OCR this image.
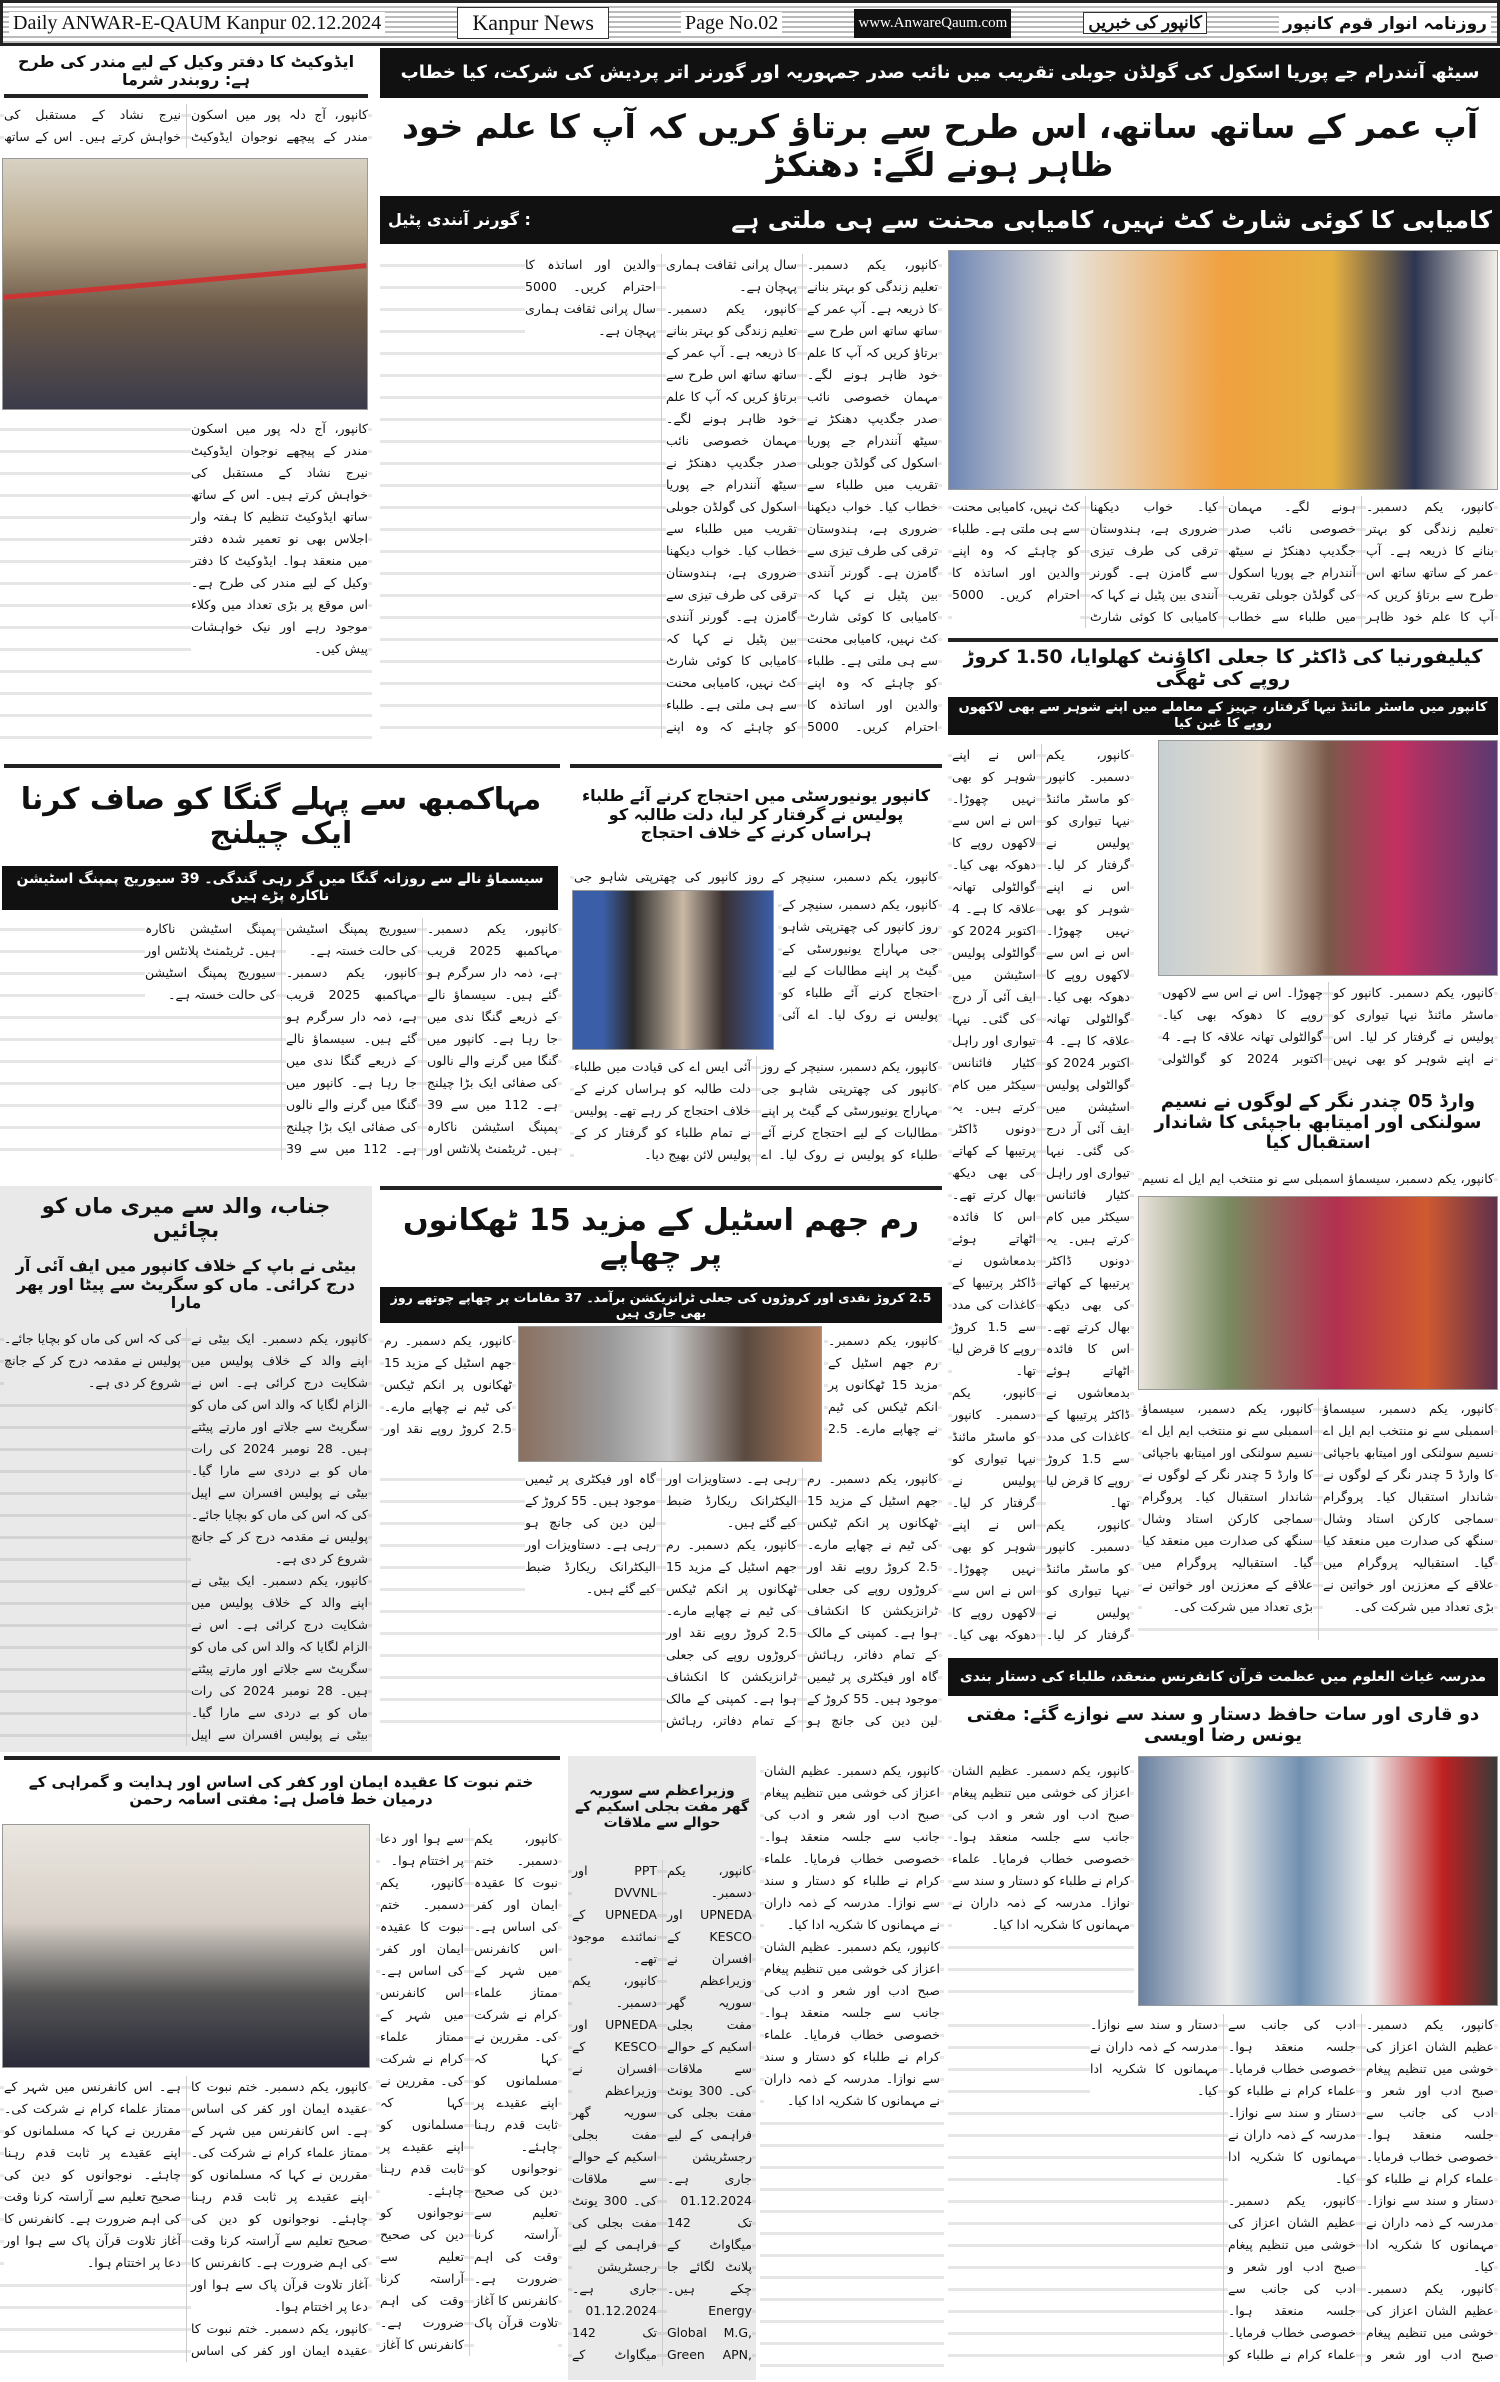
Daily ANWAR-E-QAUM Kanpur 02.12.2024	Kanpur News	Page No.02	www.AnwareQaum.com	کانپور کی خبریں	روزنامہ انوار قوم کانپور
ایڈوکیٹ کا دفتر وکیل کے لیے مندر کی طرح ہے: روبندر شرما

کانپور، آج دلہ پور میں اسکون مندر کے پیچھے نوجوان ایڈوکیٹ نیرج نشاد کے مستقبل کی خواہش کرتے ہیں۔ اس کے ساتھ

کانپور، آج دلہ پور میں اسکون مندر کے پیچھے نوجوان ایڈوکیٹ نیرج نشاد کے مستقبل کی خواہش کرتے ہیں۔ اس کے ساتھ ساتھ ایڈوکیٹ تنظیم کا ہفتہ وار اجلاس بھی نو تعمیر شدہ دفتر میں منعقد ہوا۔ ایڈوکیٹ کا دفتر وکیل کے لیے مندر کی طرح ہے۔ اس موقع پر بڑی تعداد میں وکلاء موجود رہے اور نیک خواہشات پیش کیں۔

سیٹھ آنندرام جے پوریا اسکول کی گولڈن جوبلی تقریب میں نائب صدر جمہوریہ اور گورنر اتر پردیش کی شرکت، کیا خطاب
آپ عمر کے ساتھ ساتھ، اس طرح سے برتاؤ کریں کہ آپ کا علم خود ظاہر ہونے لگے: دھنکڑ
کامیابی کا کوئی شارٹ کٹ نہیں، کامیابی محنت سے ہی ملتی ہے
: گورنر آنندی پٹیل

کانپور، یکم دسمبر۔ تعلیم زندگی کو بہتر بنانے کا ذریعہ ہے۔ آپ عمر کے ساتھ ساتھ اس طرح سے برتاؤ کریں کہ آپ کا علم خود ظاہر ہونے لگے۔ مہمان خصوصی نائب صدر جگدیپ دھنکڑ نے سیٹھ آنندرام جے پوریا اسکول کی گولڈن جوبلی تقریب میں طلباء سے خطاب کیا۔ خواب دیکھنا ضروری ہے، ہندوستان ترقی کی طرف تیزی سے گامزن ہے۔ گورنر آنندی بین پٹیل نے کہا کہ کامیابی کا کوئی شارٹ کٹ نہیں، کامیابی محنت سے ہی ملتی ہے۔ طلباء کو چاہئے کہ وہ اپنے والدین اور اساتذہ کا احترام کریں۔ 5000 سال پرانی ثقافت ہماری پہچان ہے۔

کانپور، یکم دسمبر۔ تعلیم زندگی کو بہتر بنانے کا ذریعہ ہے۔ آپ عمر کے ساتھ ساتھ اس طرح سے برتاؤ کریں کہ آپ کا علم خود ظاہر ہونے لگے۔ مہمان خصوصی نائب صدر جگدیپ دھنکڑ نے سیٹھ آنندرام جے پوریا اسکول کی گولڈن جوبلی تقریب میں طلباء سے خطاب کیا۔ خواب دیکھنا ضروری ہے، ہندوستان ترقی کی طرف تیزی سے گامزن ہے۔ گورنر آنندی بین پٹیل نے کہا کہ کامیابی کا کوئی شارٹ کٹ نہیں، کامیابی محنت سے ہی ملتی ہے۔ طلباء کو چاہئے کہ وہ اپنے والدین اور اساتذہ کا احترام کریں۔ 5000 سال پرانی ثقافت ہماری پہچان ہے۔

کانپور، یکم دسمبر۔ تعلیم زندگی کو بہتر بنانے کا ذریعہ ہے۔ آپ عمر کے ساتھ ساتھ اس طرح سے برتاؤ کریں کہ آپ کا علم خود ظاہر ہونے لگے۔ مہمان خصوصی نائب صدر جگدیپ دھنکڑ نے سیٹھ آنندرام جے پوریا اسکول کی گولڈن جوبلی تقریب میں طلباء سے خطاب کیا۔ خواب دیکھنا ضروری ہے، ہندوستان ترقی کی طرف تیزی سے گامزن ہے۔ گورنر آنندی بین پٹیل نے کہا کہ کامیابی کا کوئی شارٹ کٹ نہیں، کامیابی محنت سے ہی ملتی ہے۔ طلباء کو چاہئے کہ وہ اپنے والدین اور اساتذہ کا احترام کریں۔ 5000

کیلیفورنیا کی ڈاکٹر کا جعلی اکاؤنٹ کھلوایا، 1.50 کروڑ روپے کی ٹھگی
کانپور میں ماسٹر مائنڈ نیہا گرفتار، جہیز کے معاملے میں اپنے شوہر سے بھی لاکھوں روپے کا غبن کیا

کانپور، یکم دسمبر۔ کانپور کو ماسٹر مائنڈ نیہا تیواری کو پولیس نے گرفتار کر لیا۔ اس نے اپنے شوہر کو بھی نہیں چھوڑا۔ اس نے اس سے لاکھوں روپے کا دھوکہ بھی کیا۔ گوالٹولی تھانہ علاقہ کا ہے۔ 4 اکتوبر 2024 کو گوالٹولی

کانپور، یکم دسمبر۔ کانپور کو ماسٹر مائنڈ نیہا تیواری کو پولیس نے گرفتار کر لیا۔ اس نے اپنے شوہر کو بھی نہیں چھوڑا۔ اس نے اس سے لاکھوں روپے کا دھوکہ بھی کیا۔ گوالٹولی تھانہ علاقہ کا ہے۔ 4 اکتوبر 2024 کو گوالٹولی پولیس اسٹیشن میں ایف آئی آر درج کی گئی۔ نیہا تیواری اور راہل کٹیار فائنانس سیکٹر میں کام کرتے ہیں۔ یہ دونوں ڈاکٹر پرتیبھا کے کھاتے کی بھی دیکھ بھال کرتے تھے۔ اس کا فائدہ اٹھاتے ہوئے بدمعاشوں نے ڈاکٹر پرتیبھا کے کاغذات کی مدد سے 1.5 کروڑ روپے کا قرض لیا تھا۔

کانپور، یکم دسمبر۔ کانپور کو ماسٹر مائنڈ نیہا تیواری کو پولیس نے گرفتار کر لیا۔ اس نے اپنے شوہر کو بھی نہیں چھوڑا۔ اس نے اس سے لاکھوں روپے کا دھوکہ بھی کیا۔ گوالٹولی تھانہ علاقہ کا ہے۔ 4 اکتوبر 2024 کو گوالٹولی پولیس اسٹیشن میں ایف آئی آر درج کی گئی۔ نیہا تیواری اور راہل کٹیار فائنانس سیکٹر میں کام کرتے ہیں۔ یہ دونوں ڈاکٹر پرتیبھا کے کھاتے کی بھی دیکھ بھال کرتے تھے۔ اس کا فائدہ اٹھاتے ہوئے بدمعاشوں نے ڈاکٹر پرتیبھا کے کاغذات کی مدد سے 1.5 کروڑ روپے کا قرض لیا تھا۔

کانپور، یکم دسمبر۔ کانپور کو ماسٹر مائنڈ نیہا تیواری کو پولیس نے گرفتار کر لیا۔ اس نے اپنے شوہر کو بھی نہیں چھوڑا۔ اس نے اس سے لاکھوں روپے کا دھوکہ بھی کیا۔

وارڈ 05 چندر نگر کے لوگوں نے نسیم سولنکی اور امیتابھ باجپئی کا شاندار استقبال کیا

کانپور، یکم دسمبر، سیسماؤ اسمبلی سے نو منتخب ایم ایل اے نسیم

کانپور، یکم دسمبر، سیسماؤ اسمبلی سے نو منتخب ایم ایل اے نسیم سولنکی اور امیتابھ باجپائی کا وارڈ 5 چندر نگر کے لوگوں نے شاندار استقبال کیا۔ پروگرام سماجی کارکن استاد وشال سنگھ کی صدارت میں منعقد کیا گیا۔ استقبالیہ پروگرام میں علاقے کے معززین اور خواتین نے بڑی تعداد میں شرکت کی۔

کانپور، یکم دسمبر، سیسماؤ اسمبلی سے نو منتخب ایم ایل اے نسیم سولنکی اور امیتابھ باجپائی کا وارڈ 5 چندر نگر کے لوگوں نے شاندار استقبال کیا۔ پروگرام سماجی کارکن استاد وشال سنگھ کی صدارت میں منعقد کیا گیا۔ استقبالیہ پروگرام میں علاقے کے معززین اور خواتین نے بڑی تعداد میں شرکت کی۔

مدرسہ غیاث العلوم میں عظمت قرآن کانفرنس منعقد، طلباء کی دستار بندی
دو قاری اور سات حافظ دستار و سند سے نوازے گئے: مفتی یونس رضا اویسی

کانپور، یکم دسمبر۔ عظیم الشان اعزاز کی خوشی میں تنظیم پیغام صبح ادب اور شعر و ادب کی جانب سے جلسہ منعقد ہوا۔ خصوصی خطاب فرمایا۔ علماء کرام نے طلباء کو دستار و سند سے نوازا۔ مدرسہ کے ذمہ داران نے مہمانوں کا شکریہ ادا کیا۔

کانپور، یکم دسمبر۔ عظیم الشان اعزاز کی خوشی میں تنظیم پیغام صبح ادب اور شعر و ادب کی جانب سے جلسہ منعقد ہوا۔ خصوصی خطاب فرمایا۔ علماء کرام نے طلباء کو دستار و سند سے نوازا۔ مدرسہ کے ذمہ داران نے مہمانوں کا شکریہ ادا کیا۔

کانپور، یکم دسمبر۔ عظیم الشان اعزاز کی خوشی میں تنظیم پیغام صبح ادب اور شعر و ادب کی جانب سے جلسہ منعقد ہوا۔ خصوصی خطاب فرمایا۔ علماء کرام نے طلباء کو دستار و سند سے نوازا۔ مدرسہ کے ذمہ داران نے مہمانوں کا شکریہ ادا کیا۔

کانپور، یکم دسمبر۔ عظیم الشان اعزاز کی خوشی میں تنظیم پیغام صبح ادب اور شعر و ادب کی جانب سے جلسہ منعقد ہوا۔ خصوصی خطاب فرمایا۔ علماء کرام نے طلباء کو دستار و سند سے نوازا۔ مدرسہ کے ذمہ داران نے مہمانوں کا شکریہ ادا کیا۔

مہاکمبھ سے پہلے گنگا کو صاف کرنا ایک چیلنج
سیسماؤ نالے سے روزانہ گنگا میں گر رہی گندگی۔ 39 سیوریج پمپنگ اسٹیشن ناکارہ پڑے ہیں

کانپور، یکم دسمبر۔ مہاکمبھ 2025 قریب ہے، ذمہ دار سرگرم ہو گئے ہیں۔ سیسماؤ نالے کے ذریعے گنگا ندی میں جا رہا ہے۔ کانپور میں گنگا میں گرنے والے نالوں کی صفائی ایک بڑا چیلنج ہے۔ 112 میں سے 39 پمپنگ اسٹیشن ناکارہ ہیں۔ ٹریٹمنٹ پلانٹس اور سیوریج پمپنگ اسٹیشن کی حالت خستہ ہے۔

کانپور، یکم دسمبر۔ مہاکمبھ 2025 قریب ہے، ذمہ دار سرگرم ہو گئے ہیں۔ سیسماؤ نالے کے ذریعے گنگا ندی میں جا رہا ہے۔ کانپور میں گنگا میں گرنے والے نالوں کی صفائی ایک بڑا چیلنج ہے۔ 112 میں سے 39 پمپنگ اسٹیشن ناکارہ ہیں۔ ٹریٹمنٹ پلانٹس اور سیوریج پمپنگ اسٹیشن کی حالت خستہ ہے۔

کانپور یونیورسٹی میں احتجاج کرنے آئے طلباء پولیس نے گرفتار کر لیا، دلت طالبہ کو ہراساں کرنے کے خلاف احتجاج

کانپور، یکم دسمبر، سنیچر کے روز کانپور کی چھترپتی شاہو جی

کانپور، یکم دسمبر، سنیچر کے روز کانپور کی چھترپتی شاہو جی مہاراج یونیورسٹی کے گیٹ پر اپنے مطالبات کے لیے احتجاج کرنے آئے طلباء کو پولیس نے روک لیا۔ اے آئی

کانپور، یکم دسمبر، سنیچر کے روز کانپور کی چھترپتی شاہو جی مہاراج یونیورسٹی کے گیٹ پر اپنے مطالبات کے لیے احتجاج کرنے آئے طلباء کو پولیس نے روک لیا۔ اے آئی ایس اے کی قیادت میں طلباء دلت طالبہ کو ہراساں کرنے کے خلاف احتجاج کر رہے تھے۔ پولیس نے تمام طلباء کو گرفتار کر کے پولیس لائن بھیج دیا۔

جناب، والد سے میری ماں کو بچائیں
بیٹی نے باپ کے خلاف کانپور میں ایف آئی آر درج کرائی۔ ماں کو سگریٹ سے پیٹا اور پھر مارا

کانپور، یکم دسمبر۔ ایک بیٹی نے اپنے والد کے خلاف پولیس میں شکایت درج کرائی ہے۔ اس نے الزام لگایا کہ والد اس کی ماں کو سگریٹ سے جلاتے اور مارتے پیٹتے ہیں۔ 28 نومبر 2024 کی رات ماں کو بے دردی سے مارا گیا۔ بیٹی نے پولیس افسران سے اپیل کی کہ اس کی ماں کو بچایا جائے۔ پولیس نے مقدمہ درج کر کے جانچ شروع کر دی ہے۔

کانپور، یکم دسمبر۔ ایک بیٹی نے اپنے والد کے خلاف پولیس میں شکایت درج کرائی ہے۔ اس نے الزام لگایا کہ والد اس کی ماں کو سگریٹ سے جلاتے اور مارتے پیٹتے ہیں۔ 28 نومبر 2024 کی رات ماں کو بے دردی سے مارا گیا۔ بیٹی نے پولیس افسران سے اپیل کی کہ اس کی ماں کو بچایا جائے۔ پولیس نے مقدمہ درج کر کے جانچ شروع کر دی ہے۔

رم جھم اسٹیل کے مزید 15 ٹھکانوں پر چھاپے
2.5 کروڑ نقدی اور کروڑوں کی جعلی ٹرانزیکشن برآمد۔ 37 مقامات پر چھاپے چوتھے روز بھی جاری ہیں

کانپور، یکم دسمبر۔ رم جھم اسٹیل کے مزید 15 ٹھکانوں پر انکم ٹیکس کی ٹیم نے چھاپے مارے۔ 2.5 کروڑ روپے نقد اور

کانپور، یکم دسمبر۔ رم جھم اسٹیل کے مزید 15 ٹھکانوں پر انکم ٹیکس کی ٹیم نے چھاپے مارے۔ 2.5

کانپور، یکم دسمبر۔ رم جھم اسٹیل کے مزید 15 ٹھکانوں پر انکم ٹیکس کی ٹیم نے چھاپے مارے۔ 2.5 کروڑ روپے نقد اور کروڑوں روپے کی جعلی ٹرانزیکشن کا انکشاف ہوا ہے۔ کمپنی کے مالک کے تمام دفاتر، رہائش گاہ اور فیکٹری پر ٹیمیں موجود ہیں۔ 55 کروڑ کے لین دین کی جانچ ہو رہی ہے۔ دستاویزات اور الیکٹرانک ریکارڈ ضبط کیے گئے ہیں۔

کانپور، یکم دسمبر۔ رم جھم اسٹیل کے مزید 15 ٹھکانوں پر انکم ٹیکس کی ٹیم نے چھاپے مارے۔ 2.5 کروڑ روپے نقد اور کروڑوں روپے کی جعلی ٹرانزیکشن کا انکشاف ہوا ہے۔ کمپنی کے مالک کے تمام دفاتر، رہائش گاہ اور فیکٹری پر ٹیمیں موجود ہیں۔ 55 کروڑ کے لین دین کی جانچ ہو رہی ہے۔ دستاویزات اور الیکٹرانک ریکارڈ ضبط کیے گئے ہیں۔

ختم نبوت کا عقیدہ ایمان اور کفر کی اساس اور ہدایت و گمراہی کے درمیان خط فاصل ہے: مفتی اسامہ رحمن

کانپور، یکم دسمبر۔ ختم نبوت کا عقیدہ ایمان اور کفر کی اساس ہے۔ اس کانفرنس میں شہر کے ممتاز علماء کرام نے شرکت کی۔ مقررین نے کہا کہ مسلمانوں کو اپنے عقیدے پر ثابت قدم رہنا چاہئے۔ نوجوانوں کو دین کی صحیح تعلیم سے آراستہ کرنا وقت کی اہم ضرورت ہے۔ کانفرنس کا آغاز تلاوت قرآن پاک سے ہوا اور دعا پر اختتام ہوا۔

کانپور، یکم دسمبر۔ ختم نبوت کا عقیدہ ایمان اور کفر کی اساس ہے۔ اس کانفرنس میں شہر کے ممتاز علماء کرام نے شرکت کی۔ مقررین نے کہا کہ مسلمانوں کو اپنے عقیدے پر ثابت قدم رہنا چاہئے۔ نوجوانوں کو دین کی صحیح تعلیم سے آراستہ کرنا وقت کی اہم ضرورت ہے۔ کانفرنس کا آغاز

کانپور، یکم دسمبر۔ ختم نبوت کا عقیدہ ایمان اور کفر کی اساس ہے۔ اس کانفرنس میں شہر کے ممتاز علماء کرام نے شرکت کی۔ مقررین نے کہا کہ مسلمانوں کو اپنے عقیدے پر ثابت قدم رہنا چاہئے۔ نوجوانوں کو دین کی صحیح تعلیم سے آراستہ کرنا وقت کی اہم ضرورت ہے۔ کانفرنس کا آغاز تلاوت قرآن پاک سے ہوا اور دعا پر اختتام ہوا۔

کانپور، یکم دسمبر۔ ختم نبوت کا عقیدہ ایمان اور کفر کی اساس ہے۔ اس کانفرنس میں شہر کے ممتاز علماء کرام نے شرکت کی۔ مقررین نے کہا کہ مسلمانوں کو اپنے عقیدے پر ثابت قدم رہنا چاہئے۔ نوجوانوں کو دین کی صحیح تعلیم سے آراستہ کرنا وقت کی اہم ضرورت ہے۔ کانفرنس کا آغاز تلاوت قرآن پاک سے ہوا اور دعا پر اختتام ہوا۔

وزیراعظم سے سوریہ گھر مفت بجلی اسکیم کے حوالے سے ملاقات

کانپور، یکم دسمبر۔ UPNEDA اور KESCO کے افسران نے وزیراعظم سوریہ گھر مفت بجلی اسکیم کے حوالے سے ملاقات کی۔ 300 یونٹ مفت بجلی کی فراہمی کے لیے رجسٹریشن جاری ہے۔ 01.12.2024 تک 142 میگاواٹ کے پلانٹ لگائے جا چکے ہیں۔ Energy Global M.G, Green APN, PPT اور DVVNL UPNEDA کے نمائندے موجود تھے۔

کانپور، یکم دسمبر۔ UPNEDA اور KESCO کے افسران نے وزیراعظم سوریہ گھر مفت بجلی اسکیم کے حوالے سے ملاقات کی۔ 300 یونٹ مفت بجلی کی فراہمی کے لیے رجسٹریشن جاری ہے۔ 01.12.2024 تک 142 میگاواٹ کے

کانپور، یکم دسمبر۔ عظیم الشان اعزاز کی خوشی میں تنظیم پیغام صبح ادب اور شعر و ادب کی جانب سے جلسہ منعقد ہوا۔ خصوصی خطاب فرمایا۔ علماء کرام نے طلباء کو دستار و سند سے نوازا۔ مدرسہ کے ذمہ داران نے مہمانوں کا شکریہ ادا کیا۔

کانپور، یکم دسمبر۔ عظیم الشان اعزاز کی خوشی میں تنظیم پیغام صبح ادب اور شعر و ادب کی جانب سے جلسہ منعقد ہوا۔ خصوصی خطاب فرمایا۔ علماء کرام نے طلباء کو دستار و سند سے نوازا۔ مدرسہ کے ذمہ داران نے مہمانوں کا شکریہ ادا کیا۔
